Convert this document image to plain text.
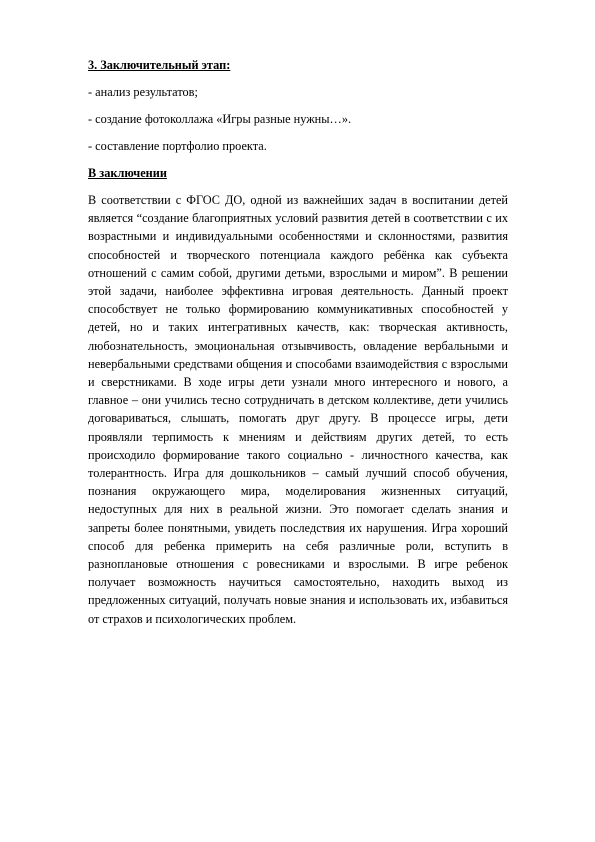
3. Заключительный этап:

- анализ результатов;

- создание фотоколлажа «Игры разные нужны…».

- составление портфолио проекта.

В заключении

В соответствии с ФГОС ДО, одной из важнейших задач в воспитании детей является “создание благоприятных условий развития детей в соответствии с их возрастными и индивидуальными особенностями и склонностями, развития способностей и творческого потенциала каждого ребёнка как субъекта отношений с самим собой, другими детьми, взрослыми и миром”. В решении этой задачи, наиболее эффективна игровая деятельность. Данный проект способствует не только формированию коммуникативных способностей у детей, но и таких интегративных качеств, как: творческая активность, любознательность, эмоциональная отзывчивость, овладение вербальными и невербальными средствами общения и способами взаимодействия с взрослыми и сверстниками. В ходе игры дети узнали много интересного и нового, а главное – они учились тесно сотрудничать в детском коллективе, дети учились договариваться, слышать, помогать друг другу. В процессе игры, дети проявляли терпимость к мнениям и действиям других детей, то есть происходило формирование такого социально - личностного качества, как толерантность. Игра для дошкольников – самый лучший способ обучения, познания окружающего мира, моделирования жизненных ситуаций, недоступных для них в реальной жизни. Это помогает сделать знания и запреты более понятными, увидеть последствия их нарушения. Игра хороший способ для ребенка примерить на себя различные роли, вступить в разноплановые отношения с ровесниками и взрослыми. В игре ребенок получает возможность научиться самостоятельно, находить выход из предложенных ситуаций, получать новые знания и использовать их, избавиться от страхов и психологических проблем.
